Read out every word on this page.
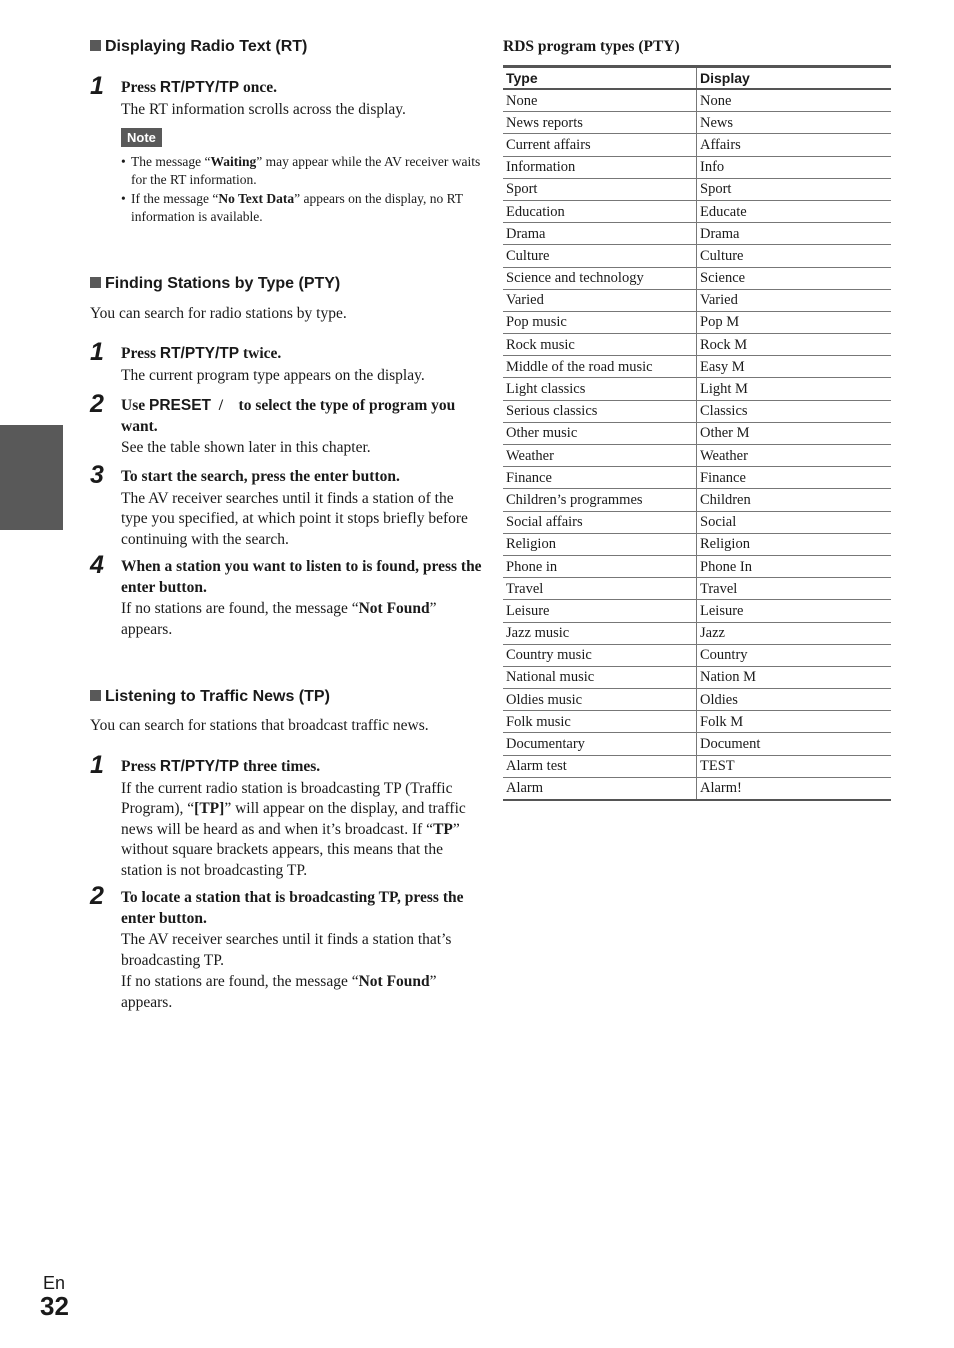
Displaying Radio Text (RT)
1 Press RT/PTY/TP once.
The RT information scrolls across the display.
Note
• The message “Waiting” may appear while the AV receiver waits for the RT information.
• If the message “No Text Data” appears on the display, no RT information is available.
Finding Stations by Type (PTY)
You can search for radio stations by type.
1 Press RT/PTY/TP twice.
The current program type appears on the display.
2 Use PRESET  /    to select the type of program you want.
See the table shown later in this chapter.
3 To start the search, press the enter button.
The AV receiver searches until it finds a station of the type you specified, at which point it stops briefly before continuing with the search.
4 When a station you want to listen to is found, press the enter button.
If no stations are found, the message “Not Found” appears.
Listening to Traffic News (TP)
You can search for stations that broadcast traffic news.
1 Press RT/PTY/TP three times.
If the current radio station is broadcasting TP (Traffic Program), “[TP]” will appear on the display, and traffic news will be heard as and when it’s broadcast. If “TP” without square brackets appears, this means that the station is not broadcasting TP.
2 To locate a station that is broadcasting TP, press the enter button.
The AV receiver searches until it finds a station that’s broadcasting TP.
If no stations are found, the message “Not Found” appears.
RDS program types (PTY)
Type	Display
None	None
News reports	News
Current affairs	Affairs
Information	Info
Sport	Sport
Education	Educate
Drama	Drama
Culture	Culture
Science and technology	Science
Varied	Varied
Pop music	Pop M
Rock music	Rock M
Middle of the road music	Easy M
Light classics	Light M
Serious classics	Classics
Other music	Other M
Weather	Weather
Finance	Finance
Children’s programmes	Children
Social affairs	Social
Religion	Religion
Phone in	Phone In
Travel	Travel
Leisure	Leisure
Jazz music	Jazz
Country music	Country
National music	Nation M
Oldies music	Oldies
Folk music	Folk M
Documentary	Document
Alarm test	TEST
Alarm	Alarm!
En
32
